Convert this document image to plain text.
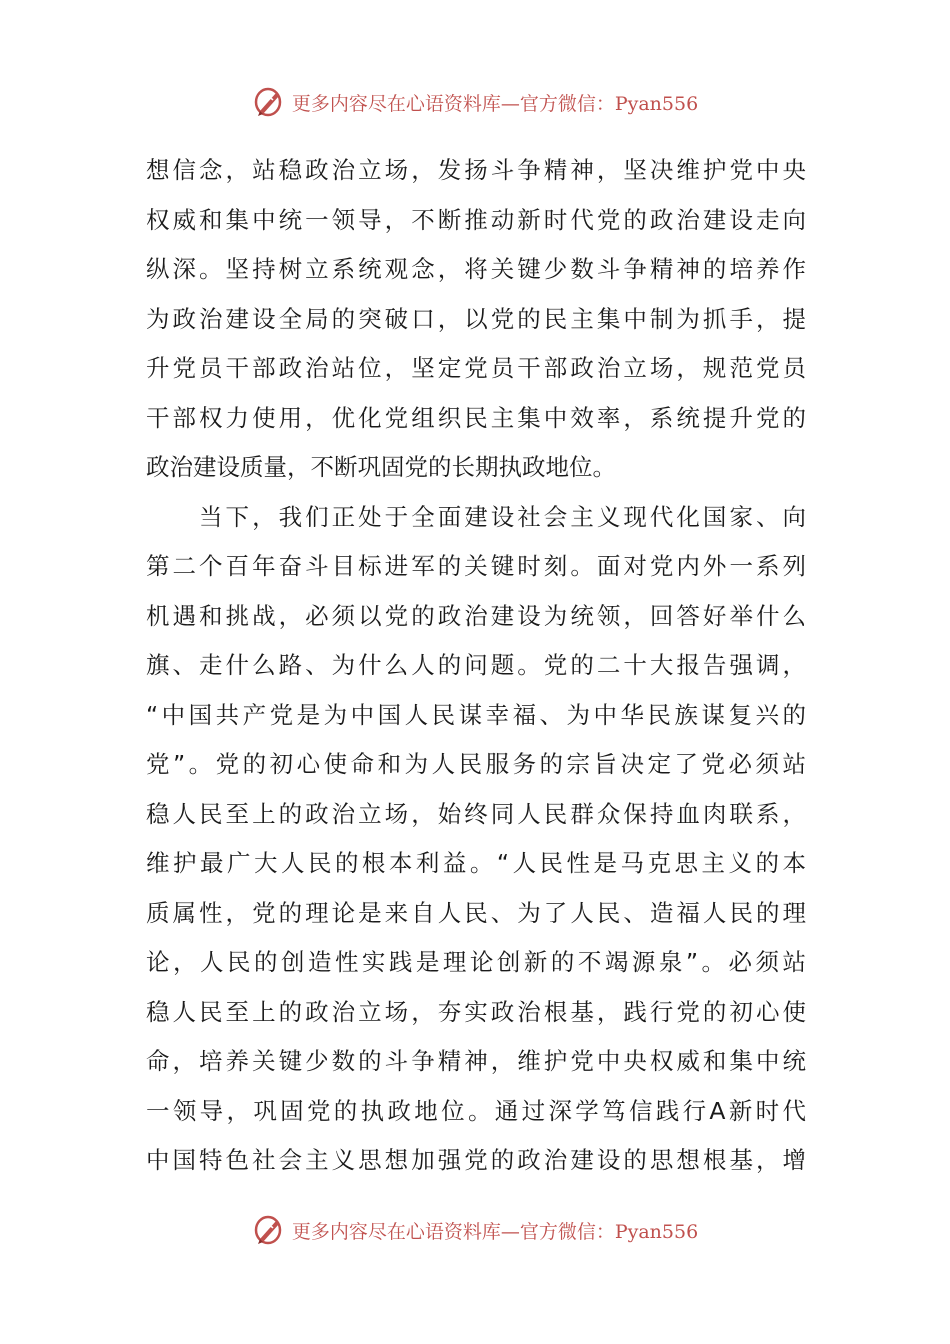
更多内容尽在心语资料库—官方微信：Pyan556
想信念，站稳政治立场，发扬斗争精神，坚决维护党中央
权威和集中统一领导，不断推动新时代党的政治建设走向
纵深。坚持树立系统观念，将关键少数斗争精神的培养作
为政治建设全局的突破口，以党的民主集中制为抓手，提
升党员干部政治站位，坚定党员干部政治立场，规范党员
干部权力使用，优化党组织民主集中效率，系统提升党的
政治建设质量，不断巩固党的长期执政地位。
　　当下，我们正处于全面建设社会主义现代化国家、向
第二个百年奋斗目标进军的关键时刻。面对党内外一系列
机遇和挑战，必须以党的政治建设为统领，回答好举什么
旗、走什么路、为什么人的问题。党的二十大报告强调，
“中国共产党是为中国人民谋幸福、为中华民族谋复兴的
党”。党的初心使命和为人民服务的宗旨决定了党必须站
稳人民至上的政治立场，始终同人民群众保持血肉联系，
维护最广大人民的根本利益。“人民性是马克思主义的本
质属性，党的理论是来自人民、为了人民、造福人民的理
论，人民的创造性实践是理论创新的不竭源泉”。必须站
稳人民至上的政治立场，夯实政治根基，践行党的初心使
命，培养关键少数的斗争精神，维护党中央权威和集中统
一领导，巩固党的执政地位。通过深学笃信践行A新时代
中国特色社会主义思想加强党的政治建设的思想根基，增
更多内容尽在心语资料库—官方微信：Pyan556
